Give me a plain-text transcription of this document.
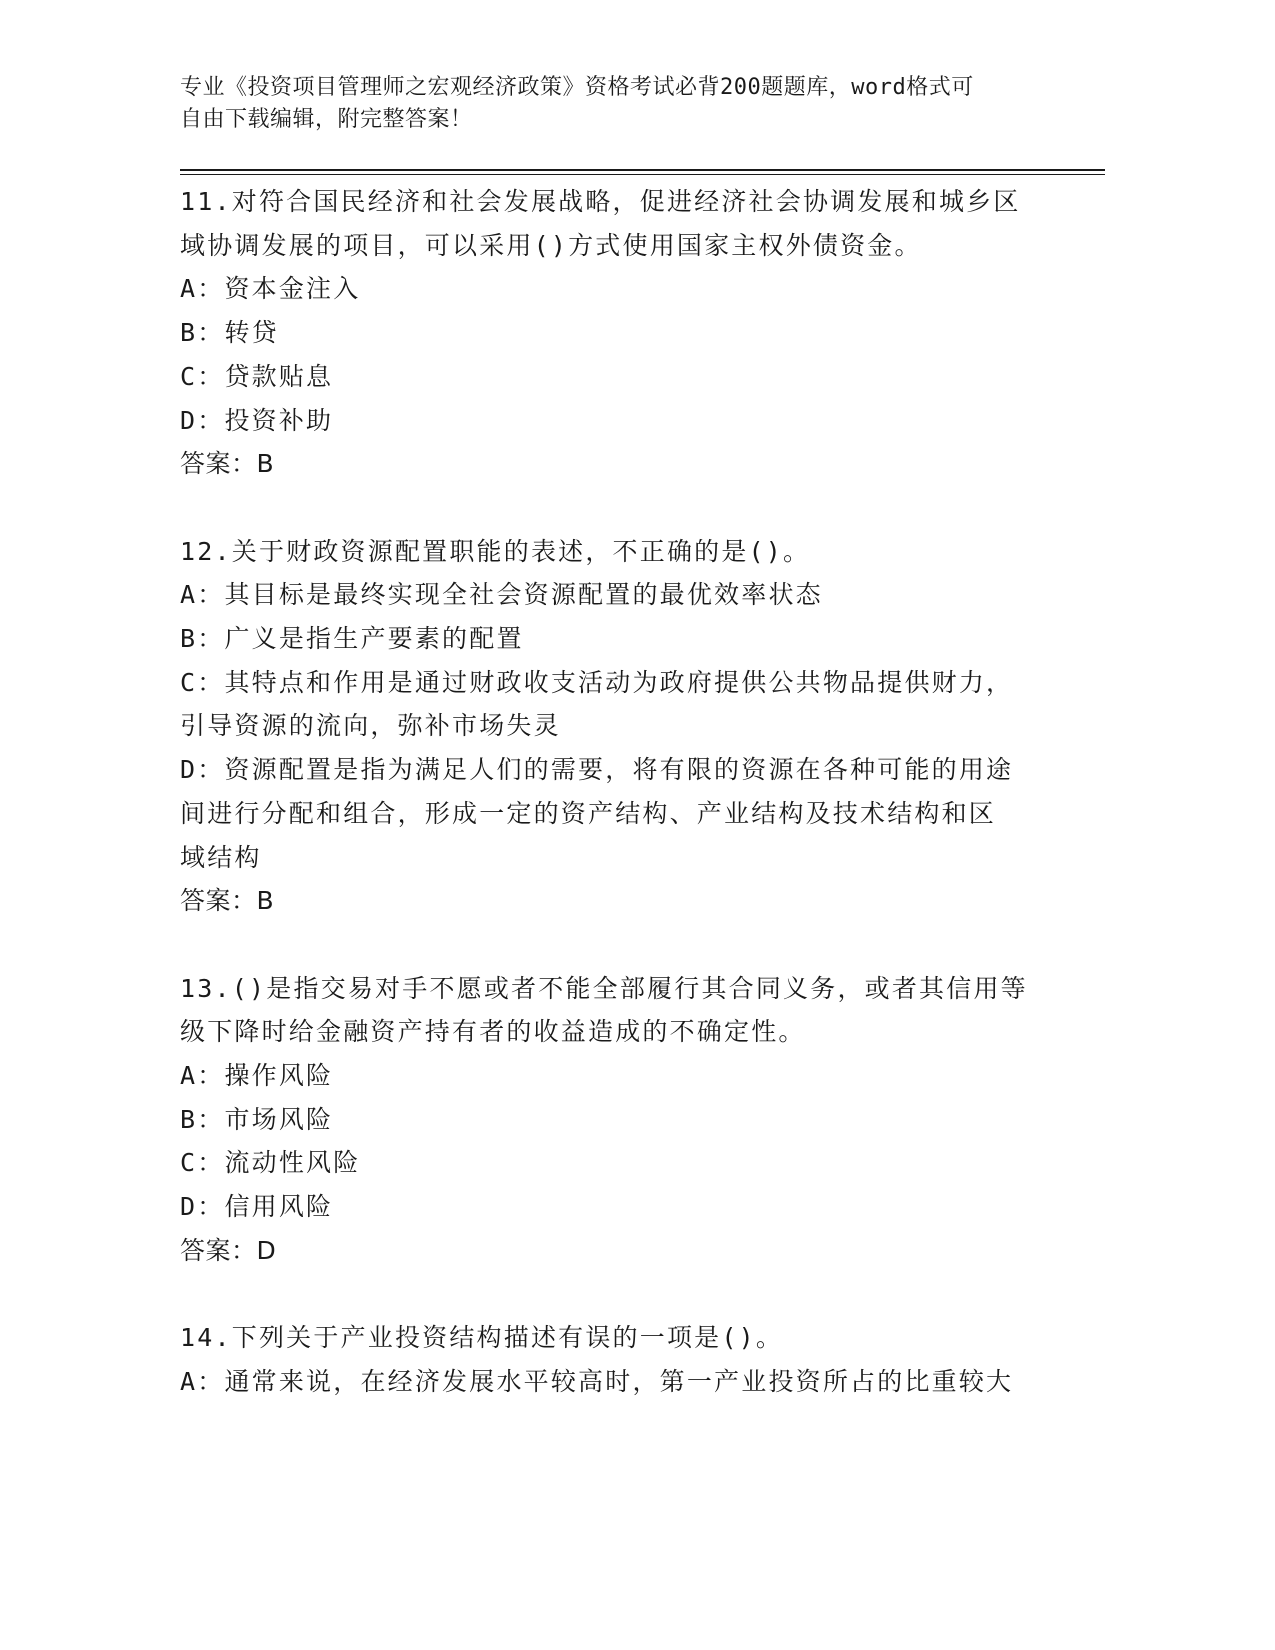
专业《投资项目管理师之宏观经济政策》资格考试必背200题题库，word格式可
自由下载编辑，附完整答案！

11.对符合国民经济和社会发展战略，促进经济社会协调发展和城乡区

域协调发展的项目，可以采用()方式使用国家主权外债资金。

A：资本金注入

B：转贷

C：贷款贴息

D：投资补助

答案：B

12.关于财政资源配置职能的表述，不正确的是()。

A：其目标是最终实现全社会资源配置的最优效率状态

B：广义是指生产要素的配置

C：其特点和作用是通过财政收支活动为政府提供公共物品提供财力，

引导资源的流向，弥补市场失灵

D：资源配置是指为满足人们的需要，将有限的资源在各种可能的用途

间进行分配和组合，形成一定的资产结构、产业结构及技术结构和区

域结构

答案：B

13.()是指交易对手不愿或者不能全部履行其合同义务，或者其信用等

级下降时给金融资产持有者的收益造成的不确定性。

A：操作风险

B：市场风险

C：流动性风险

D：信用风险

答案：D

14.下列关于产业投资结构描述有误的一项是()。

A：通常来说，在经济发展水平较高时，第一产业投资所占的比重较大
